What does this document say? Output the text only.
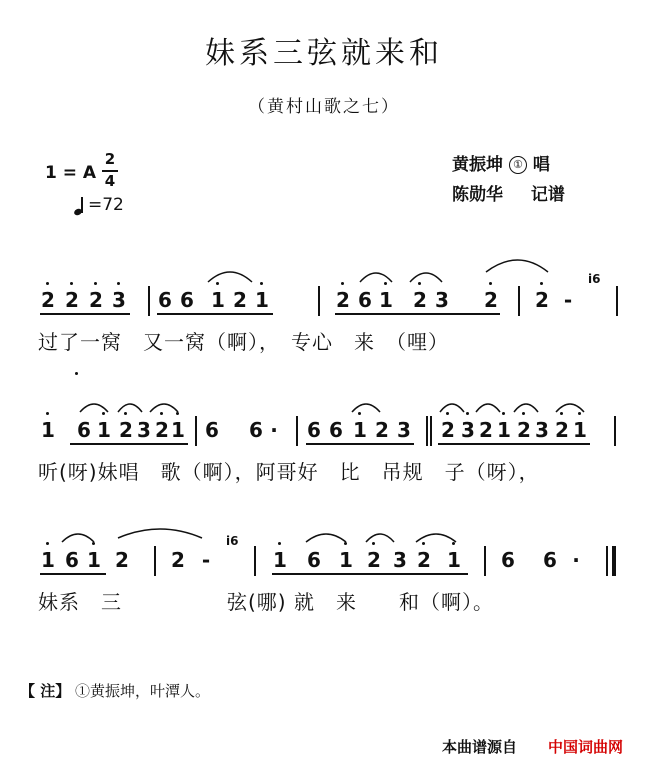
妹系三弦就来和
（黄村山歌之七）
1 = A
2
4
=72
黄振坤 ① 唱
陈勋华 记谱
2 2 2 3 6 6 1 2 1	2 6 1 2 3 2 2 -
i6
过了一窝　又一窝（啊），　专心　来　（哩）
1 6 1 2 3 2 1 6 6 ·	6 6 1 2 3 2 3 2 1 2 3 2 1
听(呀)妹唱　歌（啊），阿哥好　比　吊规　子（呀），
1 6 1 2 2 -
i6
1 6 1 2 3 2 1 6 6 ·
妹系　三　　　　　弦(哪) 就　来　　和（啊）。
【 注】 ①黄振坤，叶潭人。
本曲谱源自 中国词曲网
